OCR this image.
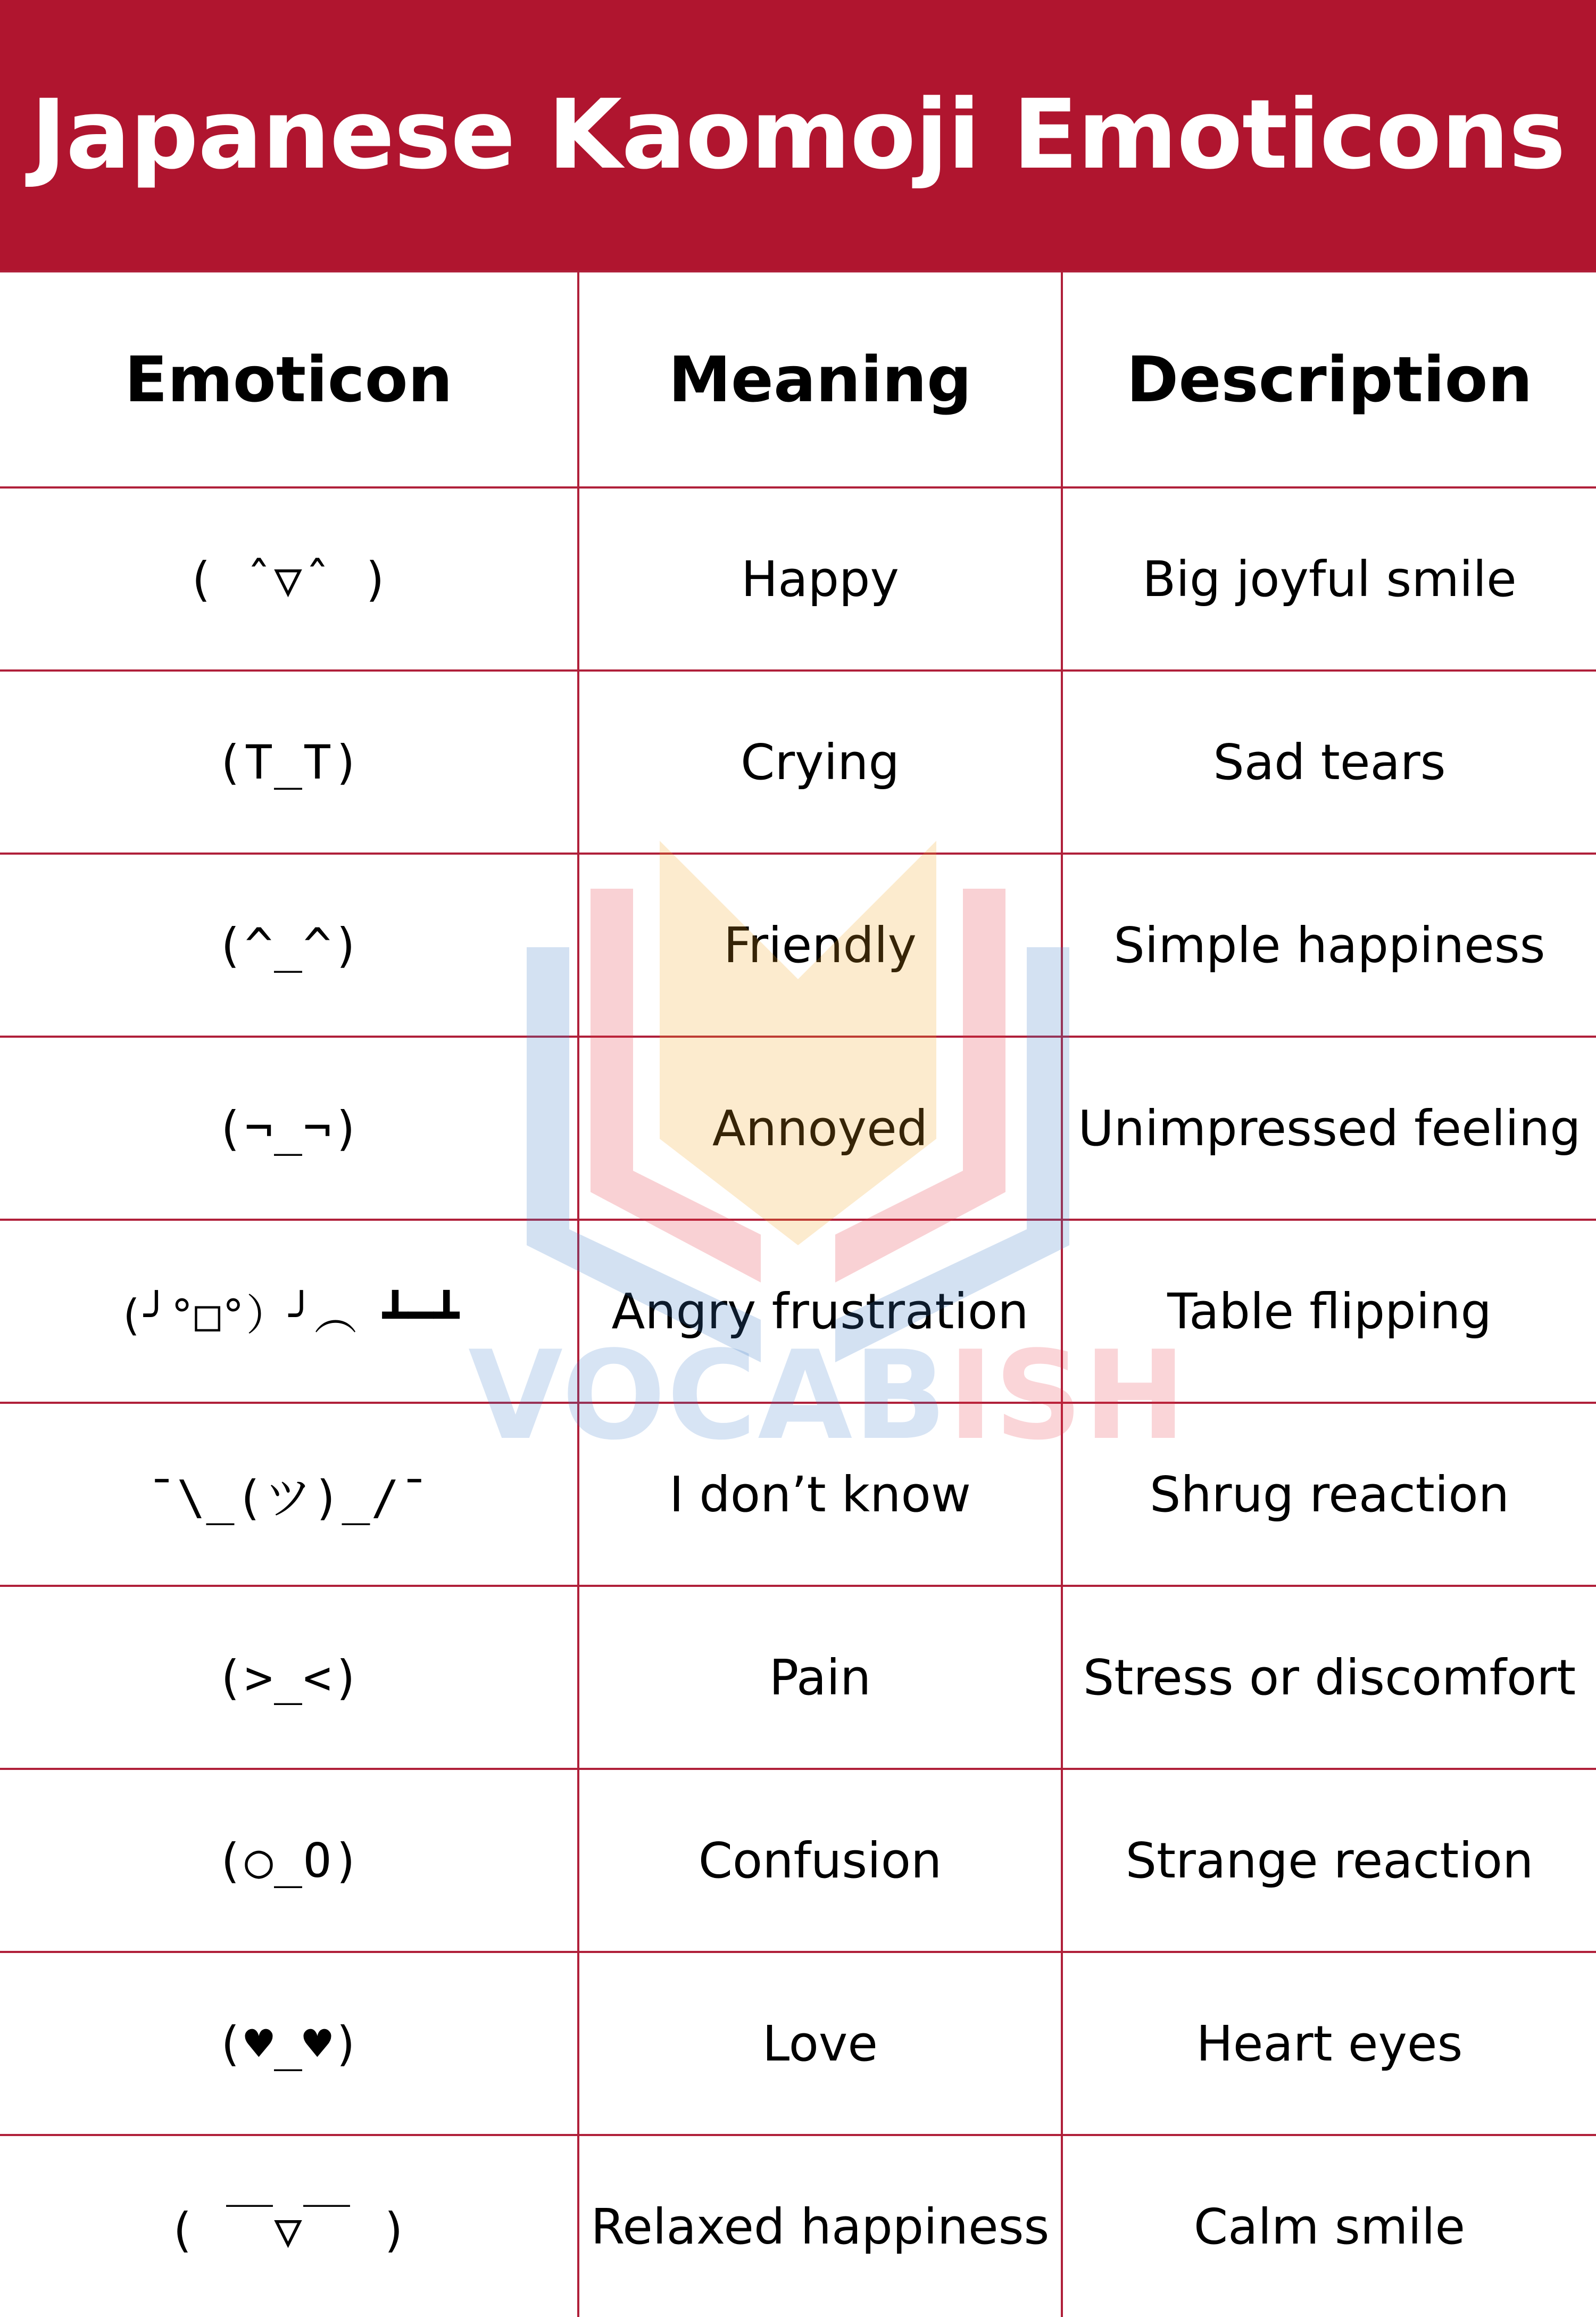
Japanese Kaomoji Emoticons
Emoticon	Meaning	Description
( ˆ▽ˆ )	Happy	Big joyful smile
(T_T)	Crying	Sad tears
(^_^)	Friendly	Simple happiness
(¬_¬)	Annoyed	Unimpressed feeling
(╯°□°）╯︵ ┻━┻	Angry frustration	Table flipping
¯\_(ツ)_/¯	I don’t know	Shrug reaction
(>_<)	Pain	Stress or discomfort
(○_O)	Confusion	Strange reaction
(♥_♥)	Love	Heart eyes
( ￣▽￣ )	Relaxed happiness	Calm smile
VOCABISH
